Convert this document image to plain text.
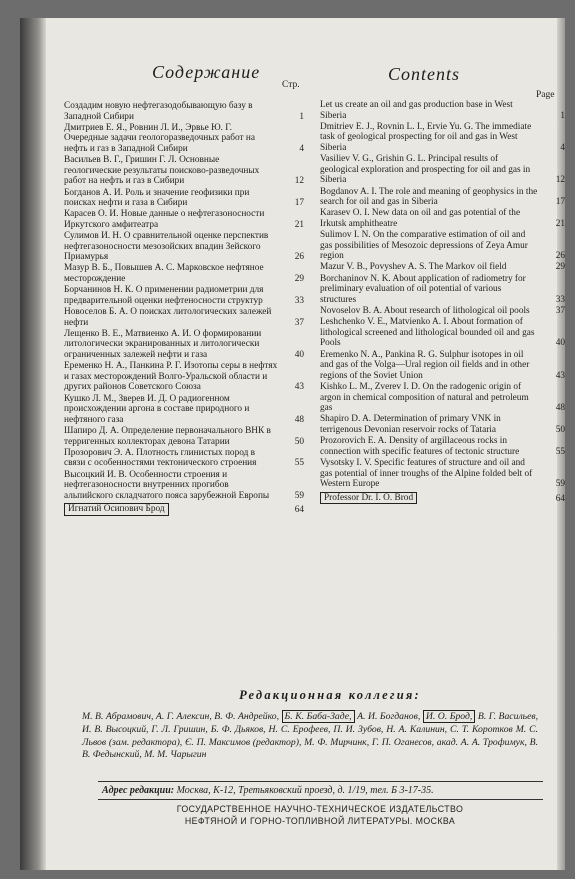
Содержание
Стр.
Создадим новую нефтегазодобывающую базу в Западной Сибири	1
Дмитриев Е. Я., Ровнин Л. И., Эрвье Ю. Г. Очередные задачи геологоразведочных работ на нефть и газ в Западной Сибири	4
Васильев В. Г., Гришин Г. Л. Основные геологические результаты поисково-разведочных работ на нефть и газ в Сибири	12
Богданов А. И. Роль и значение геофизики при поисках нефти и газа в Сибири	17
Карасев О. И. Новые данные о нефтегазоносности Иркутского амфитеатра	21
Сулимов И. Н. О сравнительной оценке перспектив нефтегазоносности мезозойских впадин Зейского Приамурья	26
Мазур В. Б., Повышев А. С. Марковское нефтяное месторождение	29
Борчанинов Н. К. О применении радиометрии для предварительной оценки нефтеносности структур	33
Новоселов Б. А. О поисках литологических залежей нефти	37
Лещенко В. Е., Матвиенко А. И. О формировании литологически экранированных и литологически ограниченных залежей нефти и газа	40
Еременко Н. А., Панкина Р. Г. Изотопы серы в нефтях и газах месторождений Волго-Уральской области и других районов Советского Союза	43
Кушко Л. М., Зверев И. Д. О радиогенном происхождении аргона в составе природного и нефтяного газа	48
Шапиро Д. А. Определение первоначального ВНК в терригенных коллекторах девона Татарии	50
Прозорович Э. А. Плотность глинистых пород в связи с особенностями тектонического строения	55
Высоцкий И. В. Особенности строения и нефтегазоносности внутренних прогибов альпийского складчатого пояса зарубежной Европы	59
Игнатий Осипович Брод	64
Contents
Page
Let us create an oil and gas production base in West Siberia	1
Dmitriev E. J., Rovnin L. I., Ervie Yu. G. The immediate task of geological prospecting for oil and gas in West Siberia	4
Vasiliev V. G., Grishin G. L. Principal results of geological exploration and prospecting for oil and gas in Siberia	12
Bogdanov A. I. The role and meaning of geophysics in the search for oil and gas in Siberia	17
Karasev O. I. New data on oil and gas potential of the Irkutsk amphitheatre	21
Sulimov I. N. On the comparative estimation of oil and gas possibilities of Mesozoic depressions of Zeya Amur region	26
Mazur V. B., Povyshev A. S. The Markov oil field	29
Borchaninov N. K. About application of radiometry for preliminary evaluation of oil potential of various structures	33
Novoselov B. A. About research of lithological oil pools	37
Leshchenko V. E., Matvienko A. I. About formation of lithological screened and lithological bounded oil and gas Pools	40
Eremenko N. A., Pankina R. G. Sulphur isotopes in oil and gas of the Volga—Ural region oil fields and in other regions of the Soviet Union	43
Kishko L. M., Zverev I. D. On the radogenic origin of argon in chemical composition of natural and petroleum gas	48
Shapiro D. A. Determination of primary VNK in terrigenous Devonian reservoir rocks of Tataria	50
Prozorovich E. A. Density of argillaceous rocks in connection with specific features of tectonic structure	55
Vysotsky I. V. Specific features of structure and oil and gas potential of inner troughs of the Alpine folded belt of Western Europe	59
Professor Dr. I. O. Brod	64
Редакционная коллегия:
М. В. Абрамович, А. Г. Алексин, В. Ф. Андрейко, Б. К. Баба-Заде, А. И. Богданов, И. О. Брод, В. Г. Васильев, И. В. Высоцкий, Г. Л. Гришин, Б. Ф. Дьяков, Н. С. Ерофеев, П. И. Зубов, Н. А. Калинин, С. Т. Коротков М. С. Львов (зам. редактора), Є. П. Максимов (редактор), М. Ф. Мирчинк, Г. П. Оганесов, акад. А. А. Трофимук, В. В. Федынский, М. М. Чарыгин
Адрес редакции: Москва, К-12, Третьяковский проезд, д. 1/19, тел. Б 3-17-35.
ГОСУДАРСТВЕННОЕ НАУЧНО-ТЕХНИЧЕСКОЕ ИЗДАТЕЛЬСТВО
НЕФТЯНОЙ И ГОРНО-ТОПЛИВНОЙ ЛИТЕРАТУРЫ. МОСКВА
